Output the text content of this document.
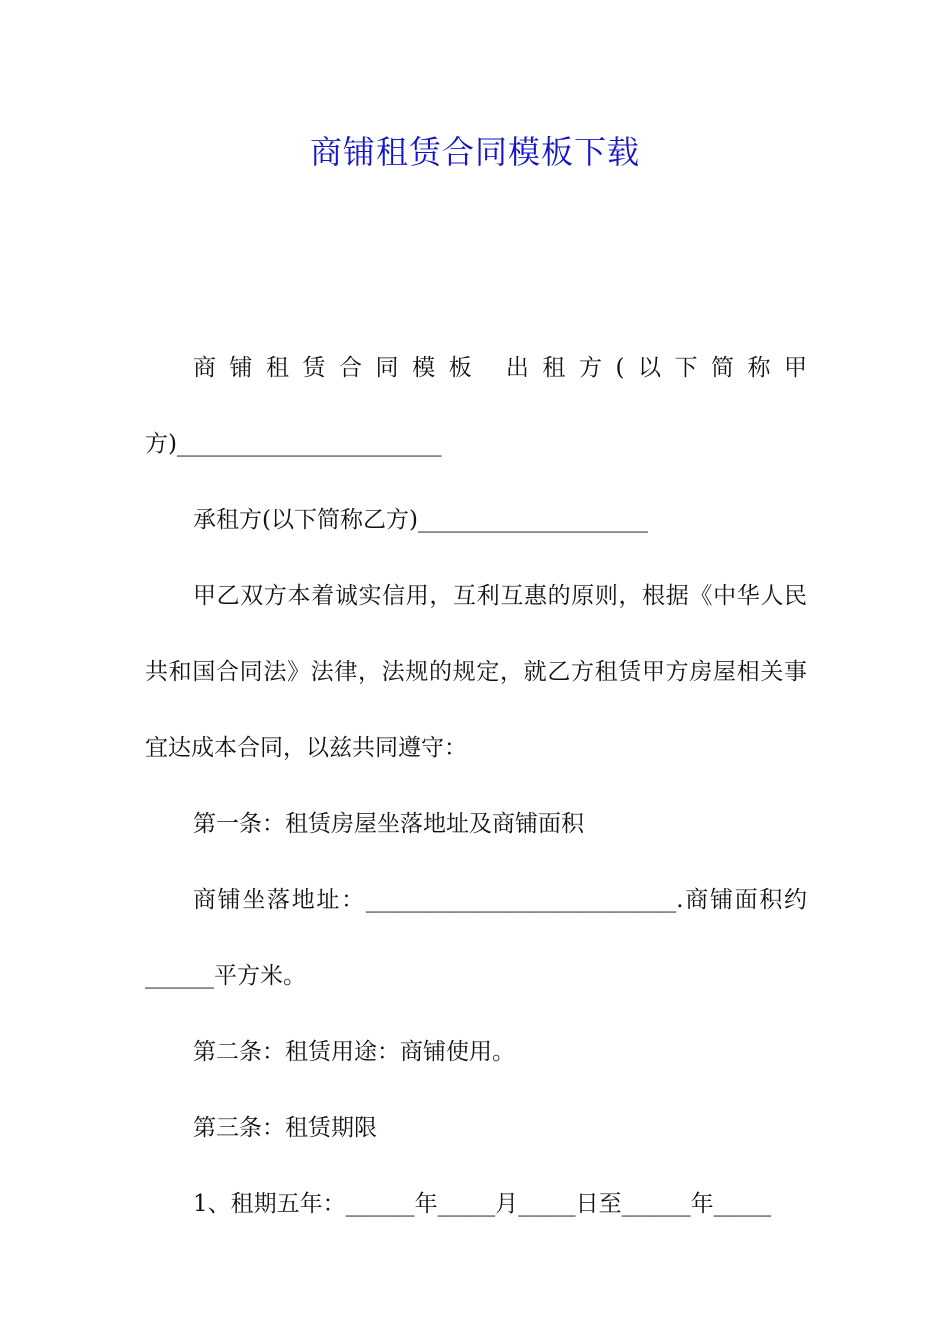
商铺租赁合同模板下载

商铺租赁合同模板 出租方(以下简称甲方)_______________________

承租方(以下简称乙方)____________________

甲乙双方本着诚实信用，互利互惠的原则，根据《中华人民共和国合同法》法律，法规的规定，就乙方租赁甲方房屋相关事宜达成本合同，以兹共同遵守：

第一条：租赁房屋坐落地址及商铺面积

商铺坐落地址：___________________________.商铺面积约______平方米。

第二条：租赁用途：商铺使用。

第三条：租赁期限

1、租期五年：______年_____月_____日至______年_____
